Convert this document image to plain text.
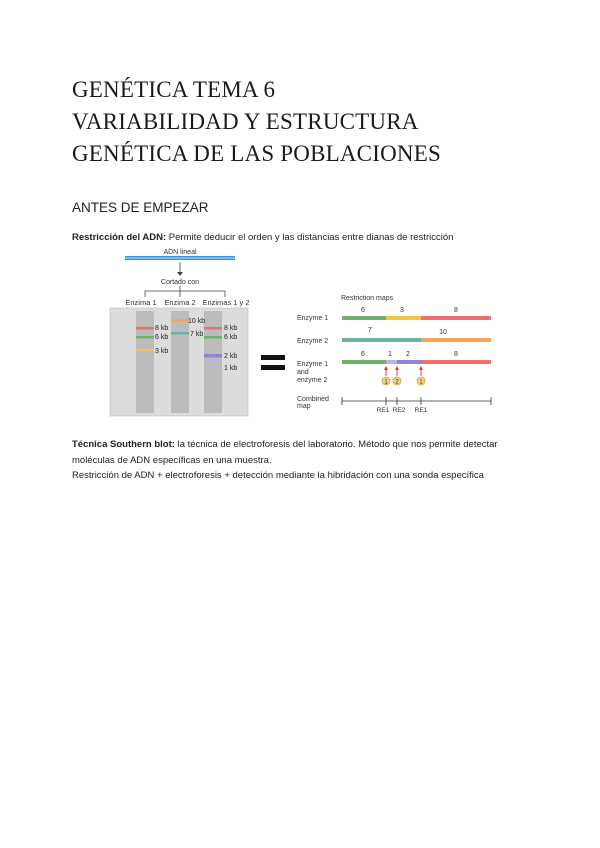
GENÉTICA TEMA 6
VARIABILIDAD Y ESTRUCTURA
GENÉTICA DE LAS POBLACIONES
ANTES DE EMPEZAR
Restricción del ADN: Permite deducir el orden y las distancias entre dianas de restricción
ADN lineal
Cortado con
Enzima 1 Enzima 2 Enzimas 1 y 2
8 kb
6 kb
3 kb
10 kb
7 kb
8 kb
6 kb
2 kb
1 kb
Restriction maps
Enzyme 1
6	3	8
Enzyme 2
7	10
Enzyme 1
and
enzyme 2
6	1 2	8
1 2	1
Combined
map
RE1 RE2 RE1
Técnica Southern blot: la técnica de electroforesis del laboratorio. Método que nos permite detectar moléculas de ADN específicas en una muestra.
Restricción de ADN + electroforesis + detección mediante la hibridación con una sonda específica
